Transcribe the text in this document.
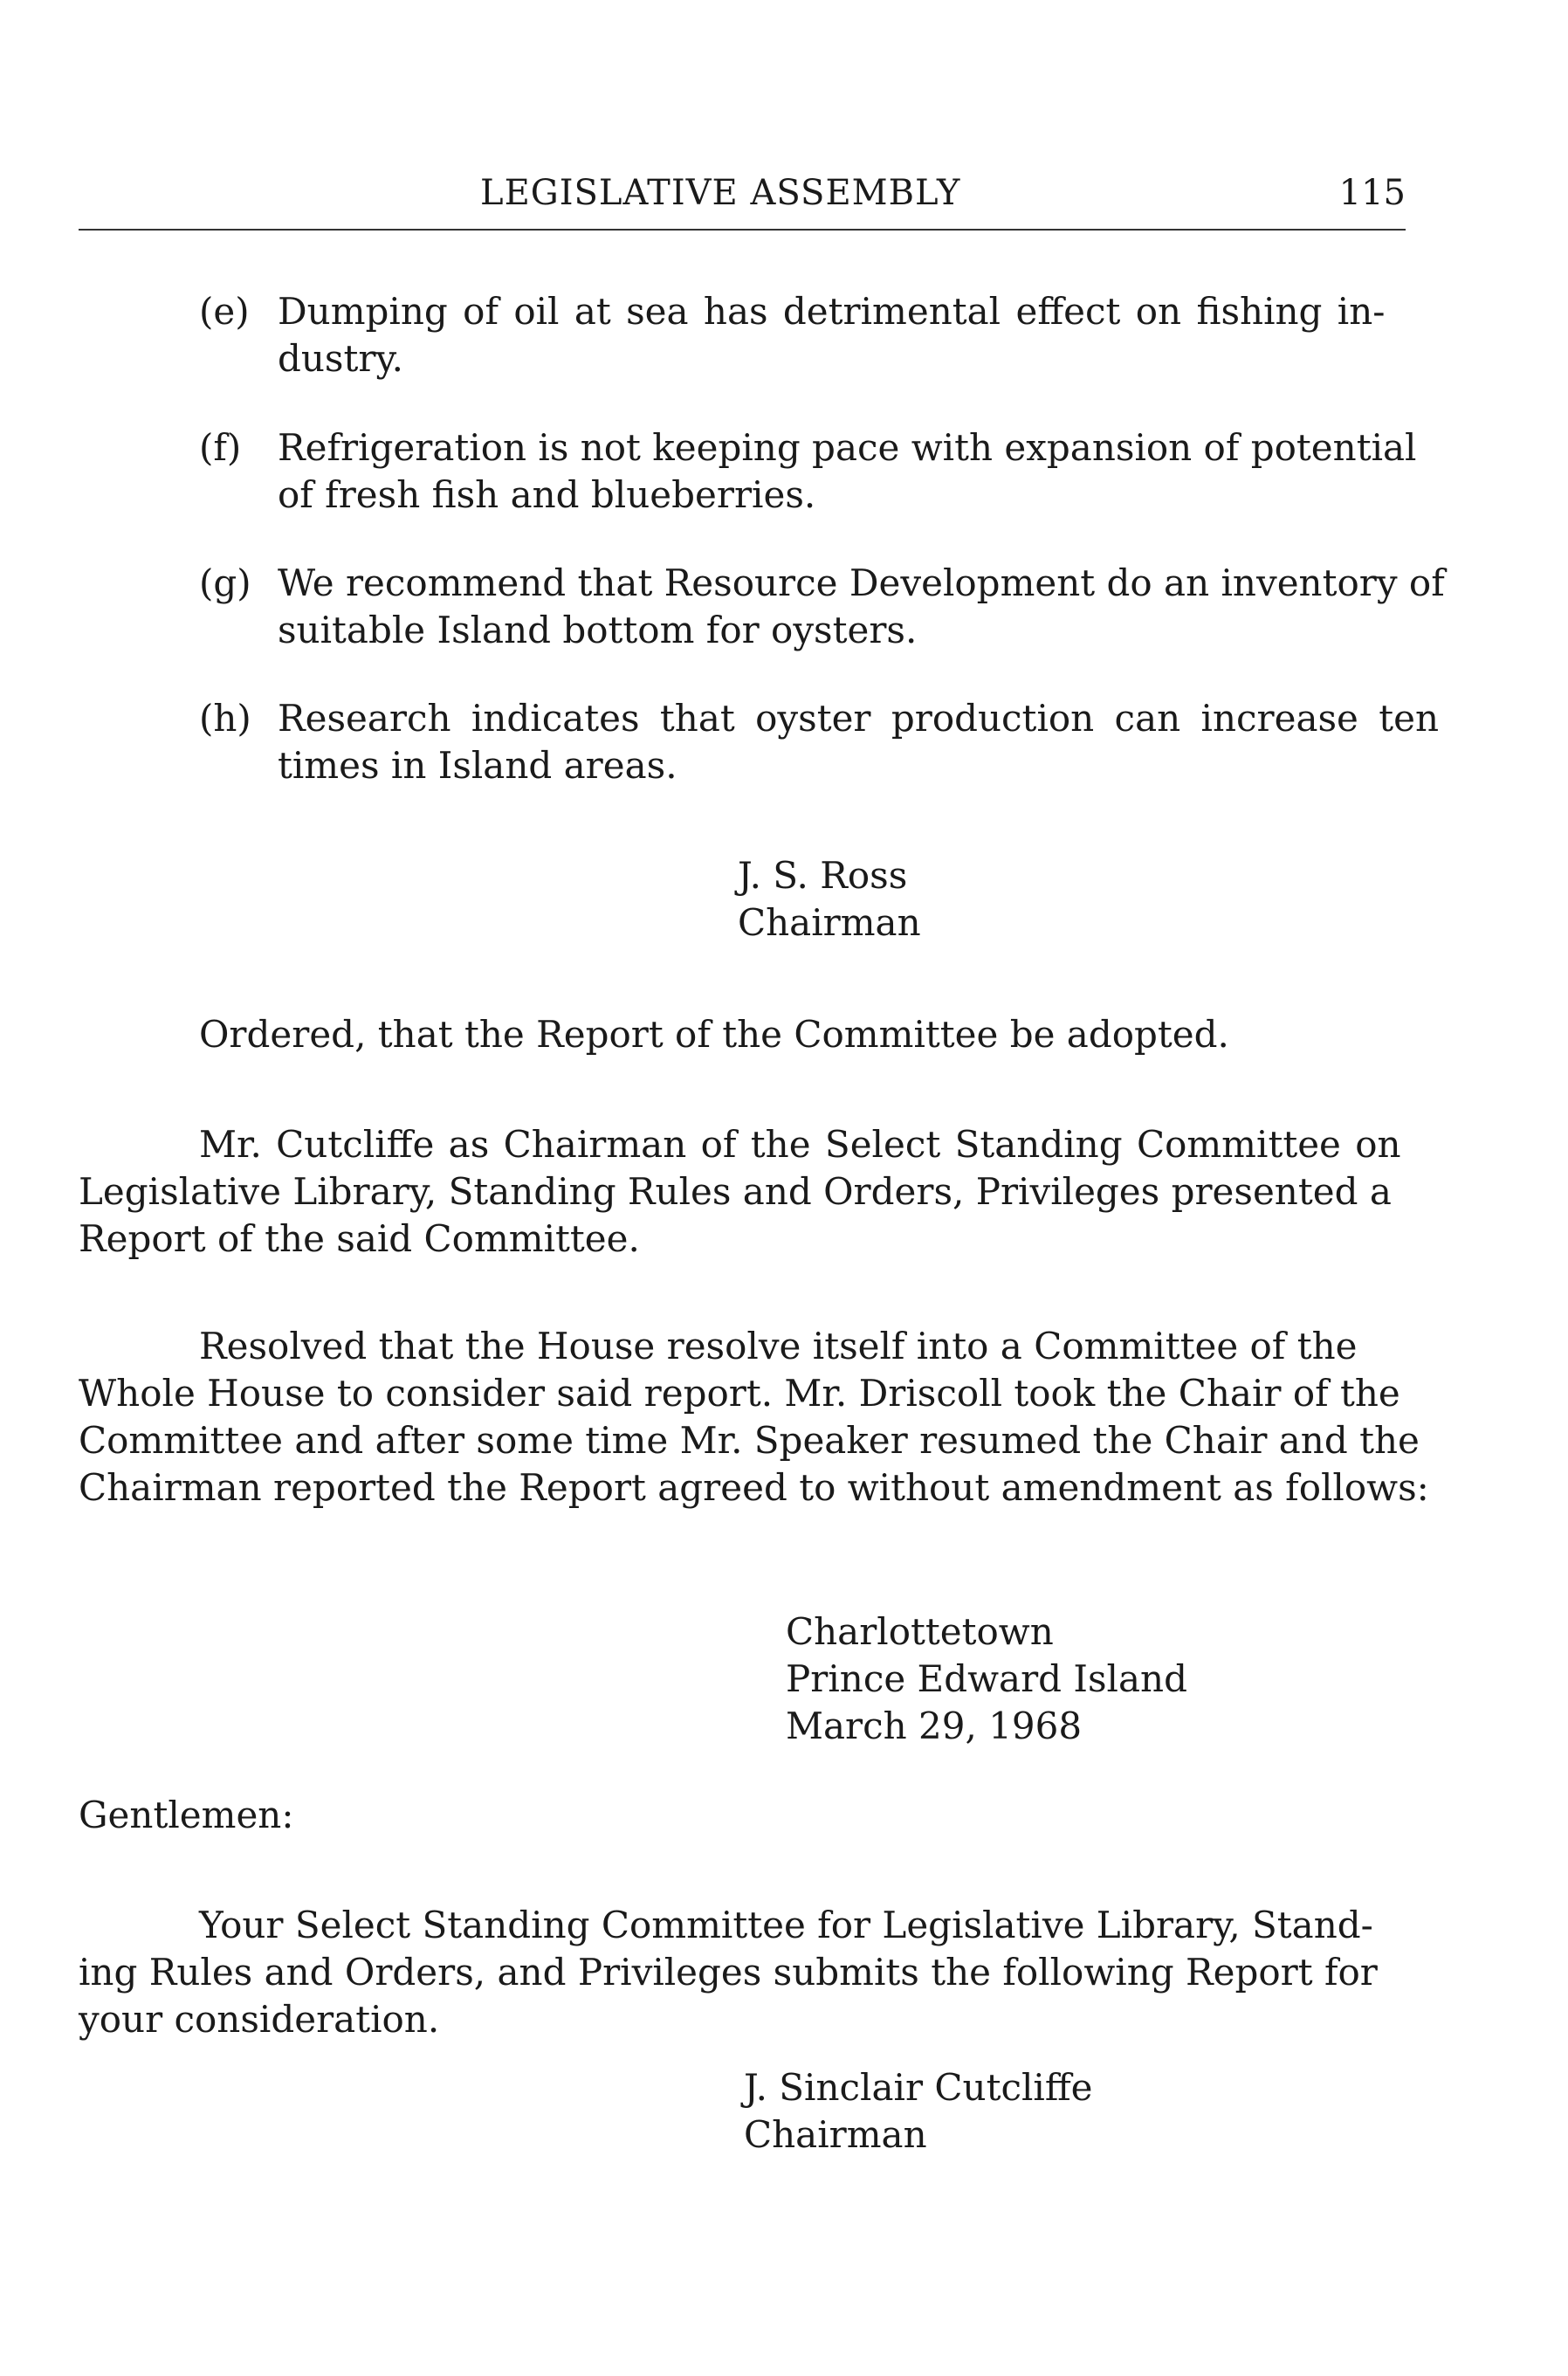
LEGISLATIVE ASSEMBLY	115
(e) Dumping of oil at sea has detrimental effect on fishing in-
dustry.
(f) Refrigeration is not keeping pace with expansion of potential
of fresh fish and blueberries.
(g) We recommend that Resource Development do an inventory of
suitable Island bottom for oysters.
(h) Research indicates that oyster production can increase ten
times in Island areas.
J. S. Ross
Chairman
Ordered, that the Report of the Committee be adopted.
Mr. Cutcliffe as Chairman of the Select Standing Committee on
Legislative Library, Standing Rules and Orders, Privileges presented a
Report of the said Committee.
Resolved that the House resolve itself into a Committee of the
Whole House to consider said report. Mr. Driscoll took the Chair of the
Committee and after some time Mr. Speaker resumed the Chair and the
Chairman reported the Report agreed to without amendment as follows:
Charlottetown
Prince Edward Island
March 29, 1968
Gentlemen:
Your Select Standing Committee for Legislative Library, Stand-
ing Rules and Orders, and Privileges submits the following Report for
your consideration.
J. Sinclair Cutcliffe
Chairman
